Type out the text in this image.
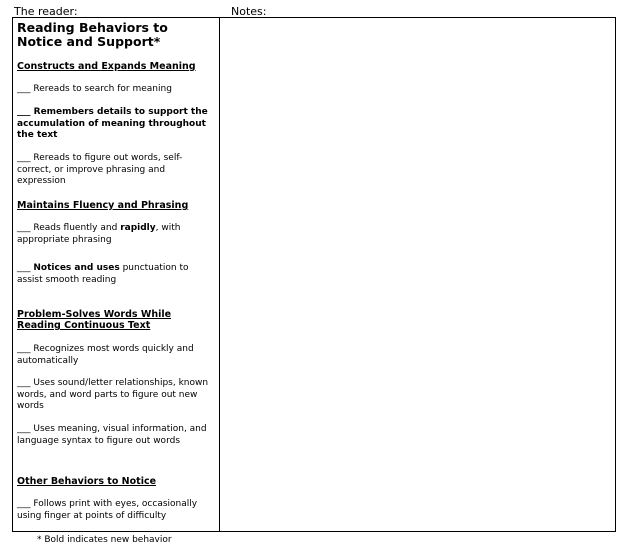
The reader:	Notes:

Reading Behaviors to Notice and Support*

Constructs and Expands Meaning
___ Rereads to search for meaning
___ Remembers details to support the accumulation of meaning throughout the text
___ Rereads to figure out words, self-correct, or improve phrasing and expression
Maintains Fluency and Phrasing
___ Reads fluently and rapidly, with appropriate phrasing
___ Notices and uses punctuation to assist smooth reading
Problem-Solves Words While Reading Continuous Text
___ Recognizes most words quickly and automatically
___ Uses sound/letter relationships, known words, and word parts to figure out new words
___ Uses meaning, visual information, and language syntax to figure out words
Other Behaviors to Notice
___ Follows print with eyes, occasionally using finger at points of difficulty
* Bold indicates new behavior
